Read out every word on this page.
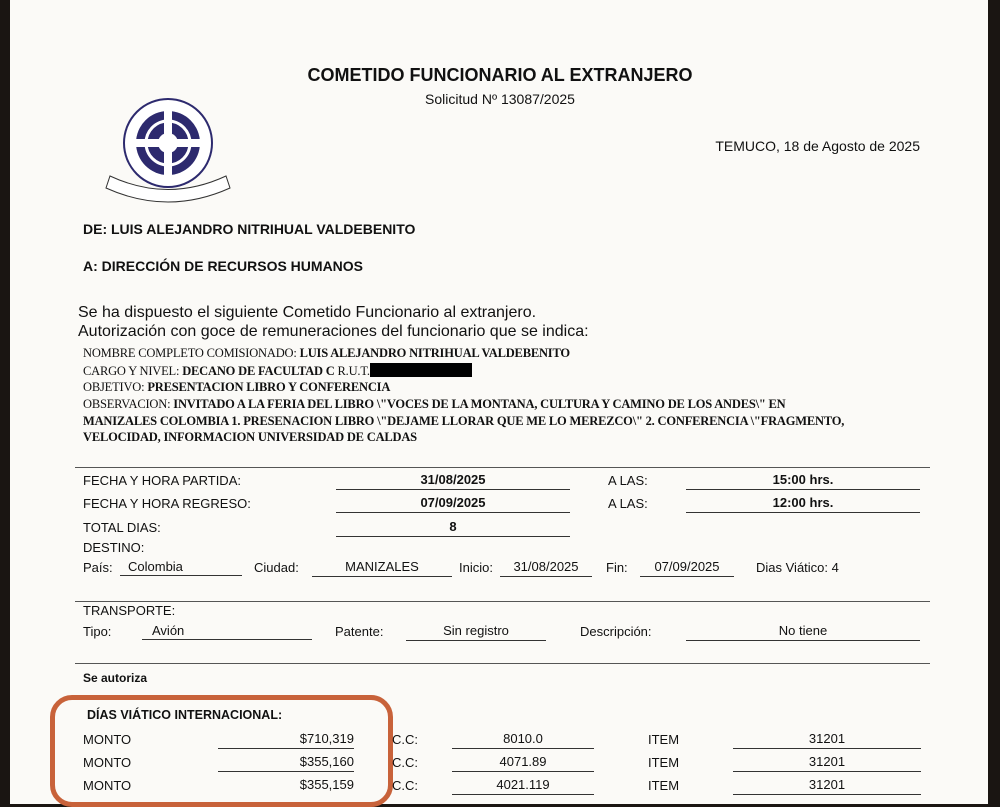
COMETIDO FUNCIONARIO AL EXTRANJERO
Solicitud Nº 13087/2025
TEMUCO, 18 de Agosto de 2025
DE: LUIS ALEJANDRO NITRIHUAL VALDEBENITO
A: DIRECCIÓN DE RECURSOS HUMANOS
Se ha dispuesto el siguiente Cometido Funcionario al extranjero.
Autorización con goce de remuneraciones del funcionario que se indica:
NOMBRE COMPLETO COMISIONADO: LUIS ALEJANDRO NITRIHUAL VALDEBENITO
CARGO Y NIVEL: DECANO DE FACULTAD C R.U.T.
OBJETIVO: PRESENTACION LIBRO Y CONFERENCIA
OBSERVACION: INVITADO A LA FERIA DEL LIBRO \"VOCES DE LA MONTANA, CULTURA Y CAMINO DE LOS ANDES\" EN
MANIZALES COLOMBIA 1. PRESENACION LIBRO \"DEJAME LLORAR QUE ME LO MEREZCO\" 2. CONFERENCIA \"FRAGMENTO,
VELOCIDAD, INFORMACION UNIVERSIDAD DE CALDAS
FECHA Y HORA PARTIDA:	31/08/2025	A LAS:	15:00 hrs.
FECHA Y HORA REGRESO:	07/09/2025	A LAS:	12:00 hrs.
TOTAL DIAS:	8
DESTINO:
País:	Colombia	Ciudad:	MANIZALES	Inicio:	31/08/2025	Fin:	07/09/2025	Dias Viático: 4
TRANSPORTE:
Tipo:	Avión	Patente:	Sin registro	Descripción:	No tiene
Se autoriza
DÍAS VIÁTICO INTERNACIONAL:
MONTO	$710,319	C.C:	8010.0	ITEM	31201
MONTO	$355,160	C.C:	4071.89	ITEM	31201
MONTO	$355,159	C.C:	4021.119	ITEM	31201
